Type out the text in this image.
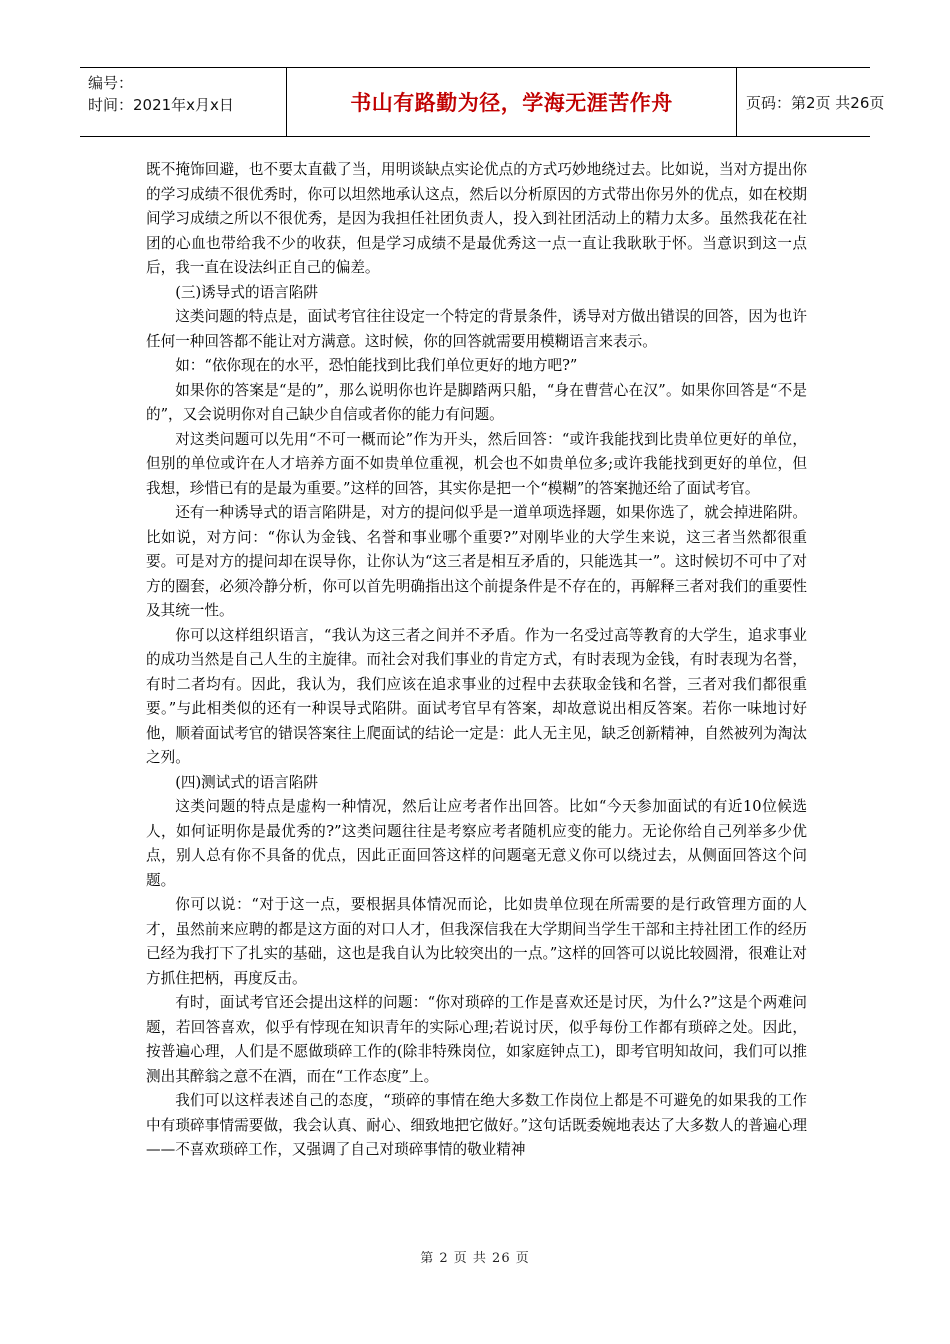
编号：
时间：2021年x月x日	书山有路勤为径，学海无涯苦作舟	页码：第2页 共26页

既不掩饰回避，也不要太直截了当，用明谈缺点实论优点的方式巧妙地绕过去。比如说，当对方提出你的学习成绩不很优秀时，你可以坦然地承认这点，然后以分析原因的方式带出你另外的优点，如在校期间学习成绩之所以不很优秀，是因为我担任社团负责人，投入到社团活动上的精力太多。虽然我花在社团的心血也带给我不少的收获，但是学习成绩不是最优秀这一点一直让我耿耿于怀。当意识到这一点后，我一直在设法纠正自己的偏差。

(三)诱导式的语言陷阱

这类问题的特点是，面试考官往往设定一个特定的背景条件，诱导对方做出错误的回答，因为也许任何一种回答都不能让对方满意。这时候，你的回答就需要用模糊语言来表示。

如：“依你现在的水平，恐怕能找到比我们单位更好的地方吧?”

如果你的答案是“是的”，那么说明你也许是脚踏两只船，“身在曹营心在汉”。如果你回答是“不是的”，又会说明你对自己缺少自信或者你的能力有问题。

对这类问题可以先用“不可一概而论”作为开头，然后回答：“或许我能找到比贵单位更好的单位，但别的单位或许在人才培养方面不如贵单位重视，机会也不如贵单位多;或许我能找到更好的单位，但我想，珍惜已有的是最为重要。”这样的回答，其实你是把一个“模糊”的答案抛还给了面试考官。

还有一种诱导式的语言陷阱是，对方的提问似乎是一道单项选择题，如果你选了，就会掉进陷阱。比如说，对方问：“你认为金钱、名誉和事业哪个重要?”对刚毕业的大学生来说，这三者当然都很重要。可是对方的提问却在误导你，让你认为“这三者是相互矛盾的，只能选其一”。这时候切不可中了对方的圈套，必须冷静分析，你可以首先明确指出这个前提条件是不存在的，再解释三者对我们的重要性及其统一性。

你可以这样组织语言，“我认为这三者之间并不矛盾。作为一名受过高等教育的大学生，追求事业的成功当然是自己人生的主旋律。而社会对我们事业的肯定方式，有时表现为金钱，有时表现为名誉，有时二者均有。因此，我认为，我们应该在追求事业的过程中去获取金钱和名誉，三者对我们都很重要。”与此相类似的还有一种误导式陷阱。面试考官早有答案，却故意说出相反答案。若你一味地讨好他，顺着面试考官的错误答案往上爬面试的结论一定是：此人无主见，缺乏创新精神，自然被列为淘汰之列。

(四)测试式的语言陷阱

这类问题的特点是虚构一种情况，然后让应考者作出回答。比如“今天参加面试的有近10位候选人，如何证明你是最优秀的?”这类问题往往是考察应考者随机应变的能力。无论你给自己列举多少优点，别人总有你不具备的优点，因此正面回答这样的问题毫无意义你可以绕过去，从侧面回答这个问题。

你可以说：“对于这一点，要根据具体情况而论，比如贵单位现在所需要的是行政管理方面的人才，虽然前来应聘的都是这方面的对口人才，但我深信我在大学期间当学生干部和主持社团工作的经历已经为我打下了扎实的基础，这也是我自认为比较突出的一点。”这样的回答可以说比较圆滑，很难让对方抓住把柄，再度反击。

有时，面试考官还会提出这样的问题：“你对琐碎的工作是喜欢还是讨厌，为什么?”这是个两难问题，若回答喜欢，似乎有悖现在知识青年的实际心理;若说讨厌，似乎每份工作都有琐碎之处。因此，按普遍心理，人们是不愿做琐碎工作的(除非特殊岗位，如家庭钟点工)，即考官明知故问，我们可以推测出其醉翁之意不在酒，而在“工作态度”上。

我们可以这样表述自己的态度，“琐碎的事情在绝大多数工作岗位上都是不可避免的如果我的工作中有琐碎事情需要做，我会认真、耐心、细致地把它做好。”这句话既委婉地表达了大多数人的普遍心理——不喜欢琐碎工作，又强调了自己对琐碎事情的敬业精神

第 2 页 共 26 页
